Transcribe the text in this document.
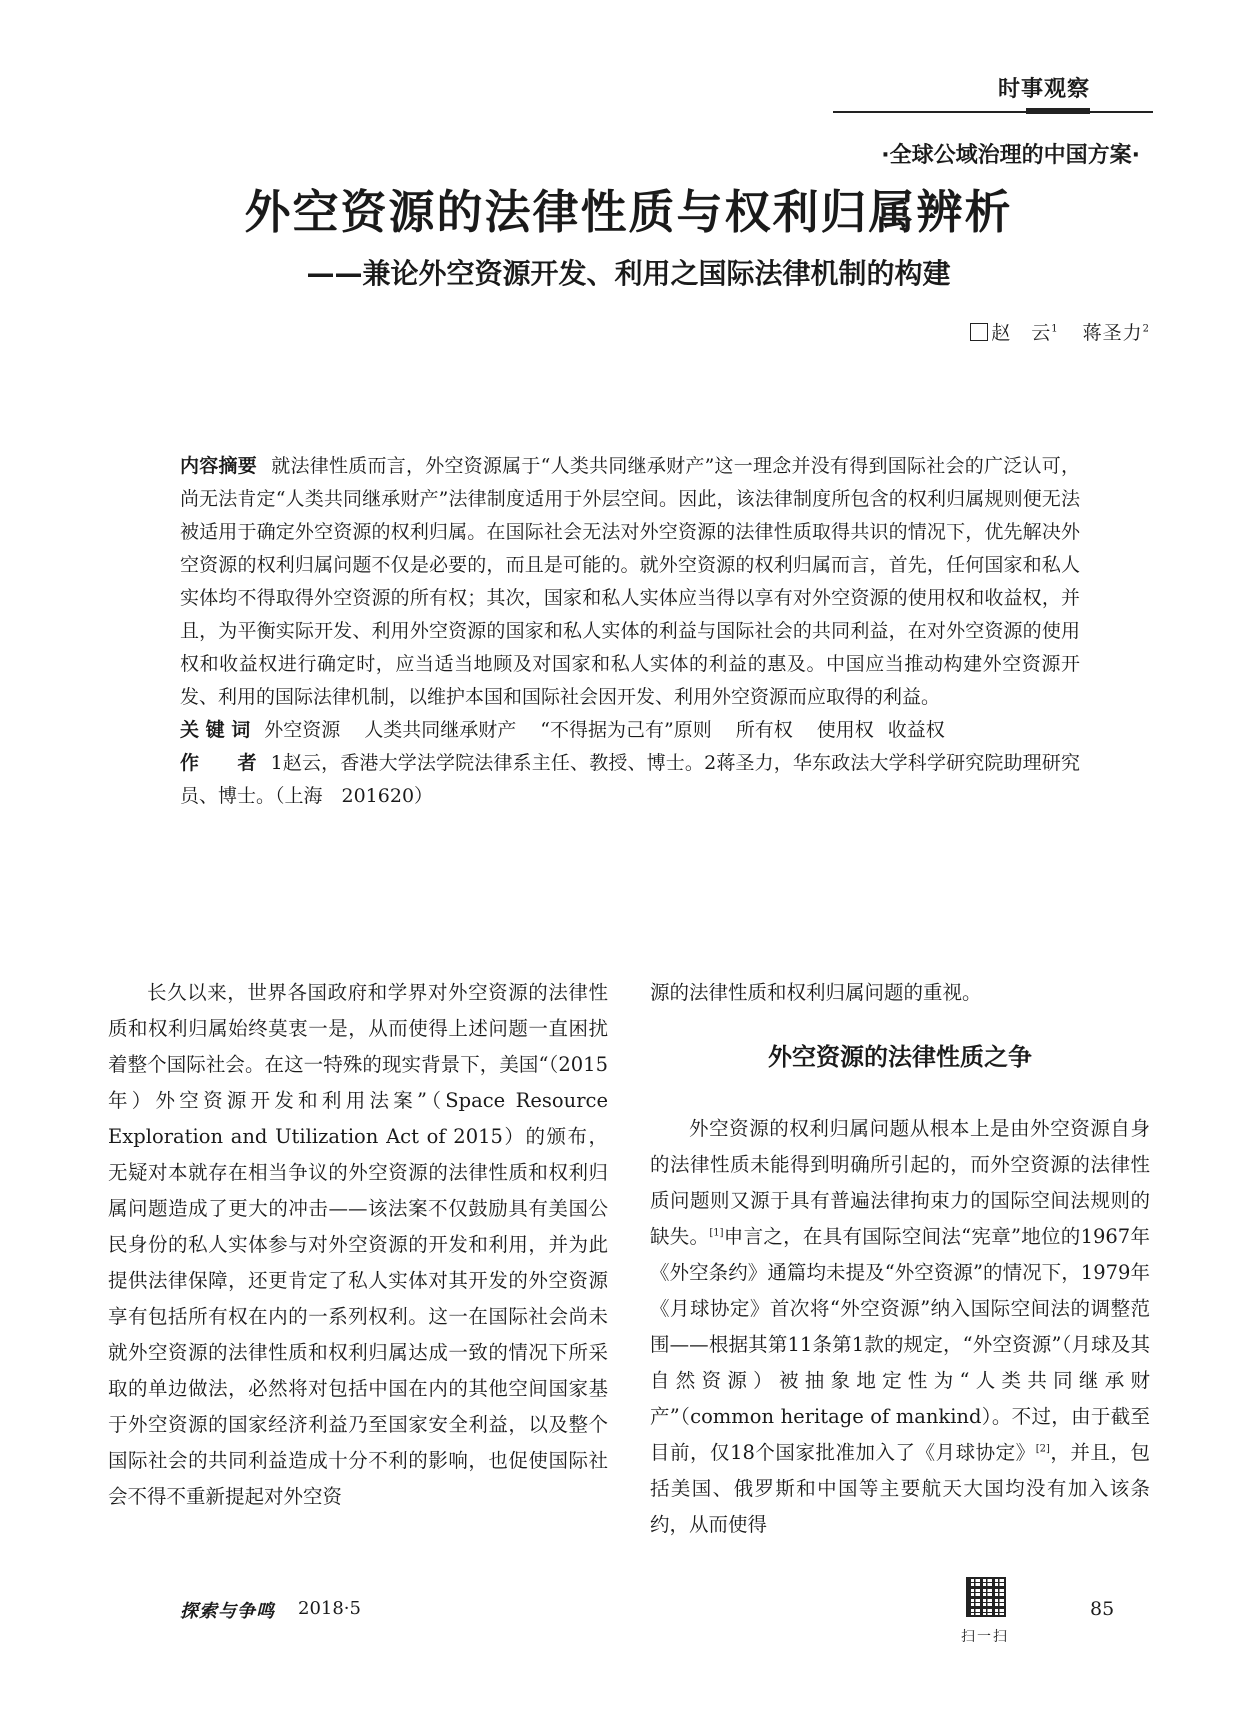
时事观察
·全球公域治理的中国方案·
外空资源的法律性质与权利归属辨析
——兼论外空资源开发、利用之国际法律机制的构建
赵　云$^1$ 蒋圣力$^2$

内容摘要 就法律性质而言，外空资源属于“人类共同继承财产”这一理念并没有得到国际社会的广泛认可，尚无法肯定“人类共同继承财产”法律制度适用于外层空间。因此，该法律制度所包含的权利归属规则便无法被适用于确定外空资源的权利归属。在国际社会无法对外空资源的法律性质取得共识的情况下，优先解决外空资源的权利归属问题不仅是必要的，而且是可能的。就外空资源的权利归属而言，首先，任何国家和私人实体均不得取得外空资源的所有权；其次，国家和私人实体应当得以享有对外空资源的使用权和收益权，并且，为平衡实际开发、利用外空资源的国家和私人实体的利益与国际社会的共同利益，在对外空资源的使用权和收益权进行确定时，应当适当地顾及对国家和私人实体的利益的惠及。中国应当推动构建外空资源开发、利用的国际法律机制，以维护本国和国际社会因开发、利用外空资源而应取得的利益。

关 键 词 外空资源 人类共同继承财产 “不得据为己有”原则 所有权 使用权 收益权

作　　者 1赵云，香港大学法学院法律系主任、教授、博士。2蒋圣力，华东政法大学科学研究院助理研究员、博士。（上海　201620）

长久以来，世界各国政府和学界对外空资源的法律性质和权利归属始终莫衷一是，从而使得上述问题一直困扰着整个国际社会。在这一特殊的现实背景下，美国“（2015年）外空资源开发和利用法案”（Space Resource Exploration and Utilization Act of 2015）的颁布，无疑对本就存在相当争议的外空资源的法律性质和权利归属问题造成了更大的冲击——该法案不仅鼓励具有美国公民身份的私人实体参与对外空资源的开发和利用，并为此提供法律保障，还更肯定了私人实体对其开发的外空资源享有包括所有权在内的一系列权利。这一在国际社会尚未就外空资源的法律性质和权利归属达成一致的情况下所采取的单边做法，必然将对包括中国在内的其他空间国家基于外空资源的国家经济利益乃至国家安全利益，以及整个国际社会的共同利益造成十分不利的影响，也促使国际社会不得不重新提起对外空资

源的法律性质和权利归属问题的重视。

外空资源的法律性质之争

外空资源的权利归属问题从根本上是由外空资源自身的法律性质未能得到明确所引起的，而外空资源的法律性质问题则又源于具有普遍法律拘束力的国际空间法规则的缺失。[1]申言之，在具有国际空间法“宪章”地位的1967年《外空条约》通篇均未提及“外空资源”的情况下，1979年《月球协定》首次将“外空资源”纳入国际空间法的调整范围——根据其第11条第1款的规定，“外空资源”（月球及其自然资源）被抽象地定性为“人类共同继承财产”（common heritage of mankind）。不过，由于截至目前，仅18个国家批准加入了《月球协定》[2]，并且，包括美国、俄罗斯和中国等主要航天大国均没有加入该条约，从而使得

探索与争鸣 2018·5
扫一扫
85
